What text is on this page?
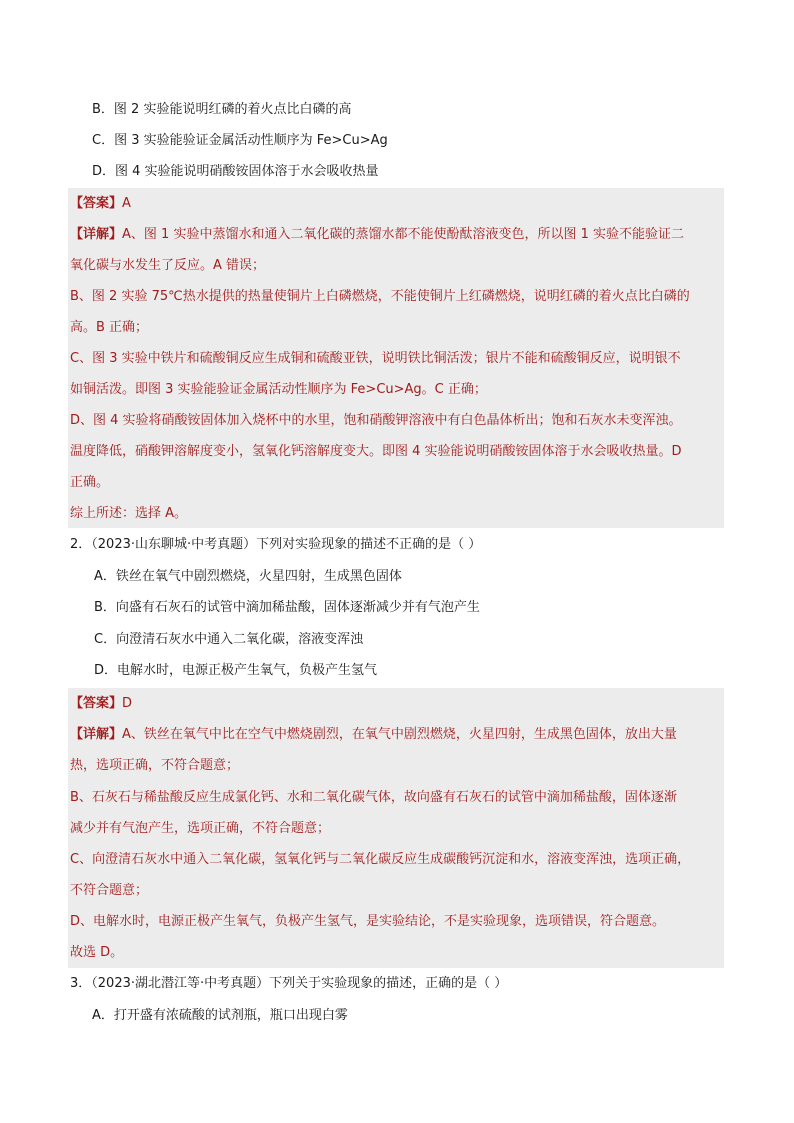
B．图 2 实验能说明红磷的着火点比白磷的高
C．图 3 实验能验证金属活动性顺序为 Fe>Cu>Ag
D．图 4 实验能说明硝酸铵固体溶于水会吸收热量
【答案】A
【详解】A、图 1 实验中蒸馏水和通入二氧化碳的蒸馏水都不能使酚酞溶液变色，所以图 1 实验不能验证二
氧化碳与水发生了反应。A 错误；
B、图 2 实验 75℃热水提供的热量使铜片上白磷燃烧，不能使铜片上红磷燃烧，说明红磷的着火点比白磷的
高。B 正确；
C、图 3 实验中铁片和硫酸铜反应生成铜和硫酸亚铁，说明铁比铜活泼；银片不能和硫酸铜反应，说明银不
如铜活泼。即图 3 实验能验证金属活动性顺序为 Fe>Cu>Ag。C 正确；
D、图 4 实验将硝酸铵固体加入烧杯中的水里，饱和硝酸钾溶液中有白色晶体析出；饱和石灰水未变浑浊。
温度降低，硝酸钾溶解度变小，氢氧化钙溶解度变大。即图 4 实验能说明硝酸铵固体溶于水会吸收热量。D
正确。
综上所述：选择 A。
2．（2023·山东聊城·中考真题）下列对实验现象的描述不正确的是（ ）
A．铁丝在氧气中剧烈燃烧，火星四射，生成黑色固体
B．向盛有石灰石的试管中滴加稀盐酸，固体逐渐减少并有气泡产生
C．向澄清石灰水中通入二氧化碳，溶液变浑浊
D．电解水时，电源正极产生氧气，负极产生氢气
【答案】D
【详解】A、铁丝在氧气中比在空气中燃烧剧烈，在氧气中剧烈燃烧，火星四射，生成黑色固体，放出大量
热，选项正确，不符合题意；
B、石灰石与稀盐酸反应生成氯化钙、水和二氧化碳气体，故向盛有石灰石的试管中滴加稀盐酸，固体逐渐
减少并有气泡产生，选项正确，不符合题意；
C、向澄清石灰水中通入二氧化碳，氢氧化钙与二氧化碳反应生成碳酸钙沉淀和水，溶液变浑浊，选项正确，
不符合题意；
D、电解水时，电源正极产生氧气，负极产生氢气，是实验结论，不是实验现象，选项错误，符合题意。
故选 D。
3．（2023·湖北潜江等·中考真题）下列关于实验现象的描述，正确的是（ ）
A．打开盛有浓硫酸的试剂瓶，瓶口出现白雾
